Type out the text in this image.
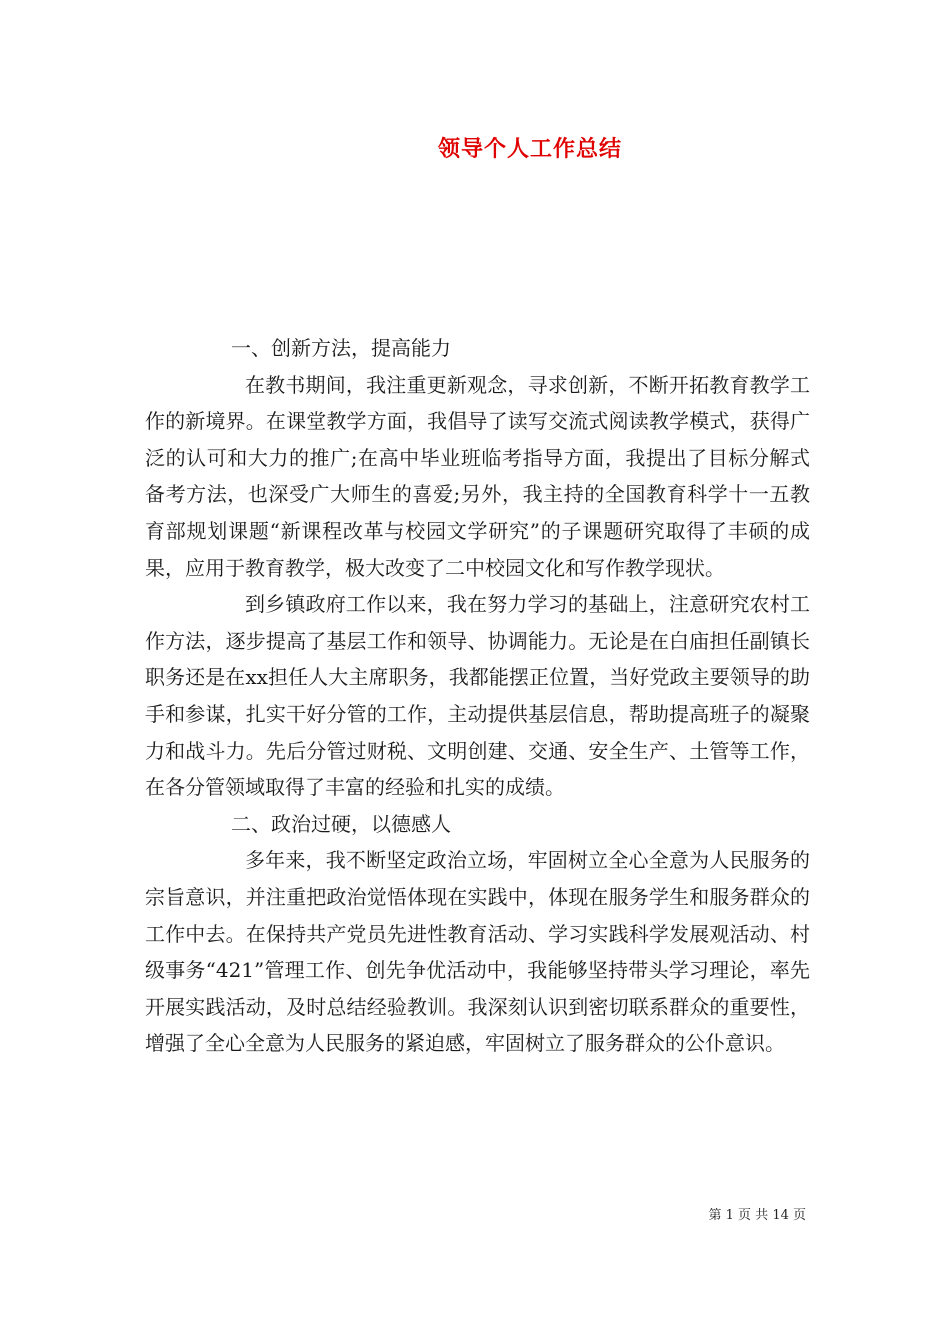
领导个人工作总结

一、创新方法，提高能力

在教书期间，我注重更新观念，寻求创新，不断开拓教育教学工作的新境界。在课堂教学方面，我倡导了读写交流式阅读教学模式，获得广泛的认可和大力的推广;在高中毕业班临考指导方面，我提出了目标分解式备考方法，也深受广大师生的喜爱;另外，我主持的全国教育科学十一五教育部规划课题“新课程改革与校园文学研究”的子课题研究取得了丰硕的成果，应用于教育教学，极大改变了二中校园文化和写作教学现状。

到乡镇政府工作以来，我在努力学习的基础上，注意研究农村工作方法，逐步提高了基层工作和领导、协调能力。无论是在白庙担任副镇长职务还是在xx担任人大主席职务，我都能摆正位置，当好党政主要领导的助手和参谋，扎实干好分管的工作，主动提供基层信息，帮助提高班子的凝聚力和战斗力。先后分管过财税、文明创建、交通、安全生产、土管等工作，在各分管领域取得了丰富的经验和扎实的成绩。

二、政治过硬，以德感人

多年来，我不断坚定政治立场，牢固树立全心全意为人民服务的宗旨意识，并注重把政治觉悟体现在实践中，体现在服务学生和服务群众的工作中去。在保持共产党员先进性教育活动、学习实践科学发展观活动、村级事务“421”管理工作、创先争优活动中，我能够坚持带头学习理论，率先开展实践活动，及时总结经验教训。我深刻认识到密切联系群众的重要性，增强了全心全意为人民服务的紧迫感，牢固树立了服务群众的公仆意识。

第 1 页 共 14 页
